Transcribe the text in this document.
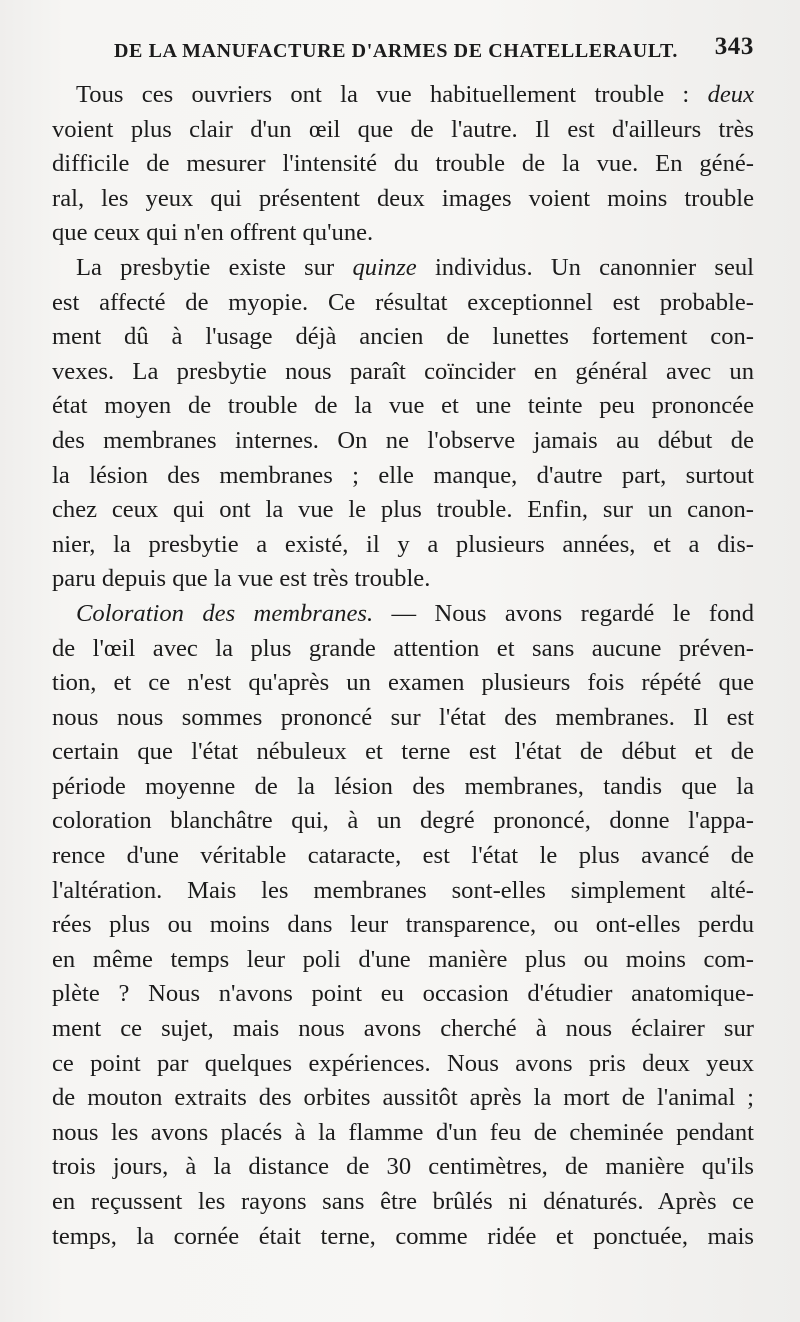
DE LA MANUFACTURE D'ARMES DE CHATELLERAULT. 343
Tous ces ouvriers ont la vue habituellement trouble : deux
voient plus clair d'un œil que de l'autre. Il est d'ailleurs très
difficile de mesurer l'intensité du trouble de la vue. En géné-
ral, les yeux qui présentent deux images voient moins trouble
que ceux qui n'en offrent qu'une.
La presbytie existe sur quinze individus. Un canonnier seul
est affecté de myopie. Ce résultat exceptionnel est probable-
ment dû à l'usage déjà ancien de lunettes fortement con-
vexes. La presbytie nous paraît coïncider en général avec un
état moyen de trouble de la vue et une teinte peu prononcée
des membranes internes. On ne l'observe jamais au début de
la lésion des membranes ; elle manque, d'autre part, surtout
chez ceux qui ont la vue le plus trouble. Enfin, sur un canon-
nier, la presbytie a existé, il y a plusieurs années, et a dis-
paru depuis que la vue est très trouble.
Coloration des membranes. — Nous avons regardé le fond
de l'œil avec la plus grande attention et sans aucune préven-
tion, et ce n'est qu'après un examen plusieurs fois répété que
nous nous sommes prononcé sur l'état des membranes. Il est
certain que l'état nébuleux et terne est l'état de début et de
période moyenne de la lésion des membranes, tandis que la
coloration blanchâtre qui, à un degré prononcé, donne l'appa-
rence d'une véritable cataracte, est l'état le plus avancé de
l'altération. Mais les membranes sont-elles simplement alté-
rées plus ou moins dans leur transparence, ou ont-elles perdu
en même temps leur poli d'une manière plus ou moins com-
plète ? Nous n'avons point eu occasion d'étudier anatomique-
ment ce sujet, mais nous avons cherché à nous éclairer sur
ce point par quelques expériences. Nous avons pris deux yeux
de mouton extraits des orbites aussitôt après la mort de l'animal ;
nous les avons placés à la flamme d'un feu de cheminée pendant
trois jours, à la distance de 30 centimètres, de manière qu'ils
en reçussent les rayons sans être brûlés ni dénaturés. Après ce
temps, la cornée était terne, comme ridée et ponctuée, mais
